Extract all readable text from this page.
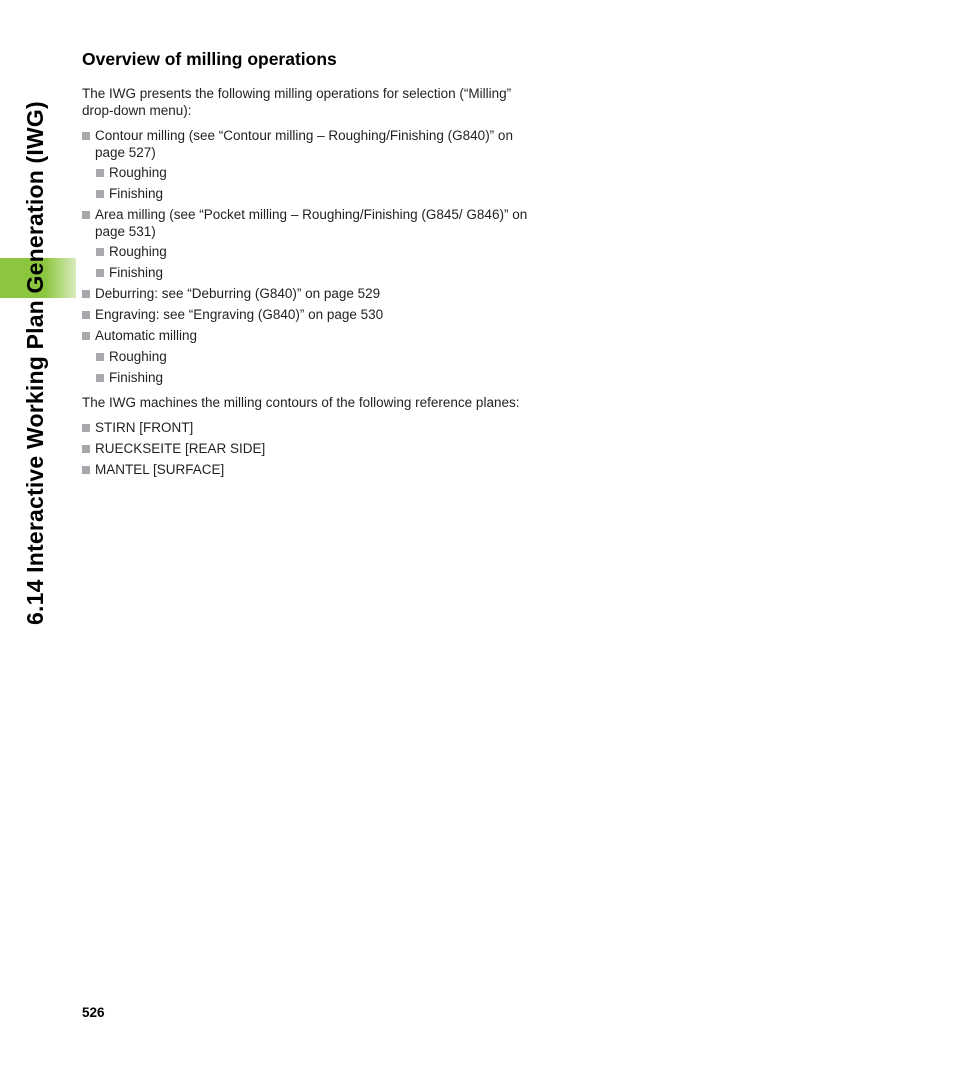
6.14 Interactive Working Plan Generation (IWG)
Overview of milling operations

The IWG presents the following milling operations for selection (“Milling” drop-down menu):

Contour milling (see “Contour milling – Roughing/Finishing (G840)” on page 527)
Roughing
Finishing
Area milling (see “Pocket milling – Roughing/Finishing (G845/ G846)” on page 531)
Roughing
Finishing
Deburring: see “Deburring (G840)” on page 529
Engraving: see “Engraving (G840)” on page 530
Automatic milling
Roughing
Finishing

The IWG machines the milling contours of the following reference planes:

STIRN [FRONT]
RUECKSEITE [REAR SIDE]
MANTEL [SURFACE]
526
